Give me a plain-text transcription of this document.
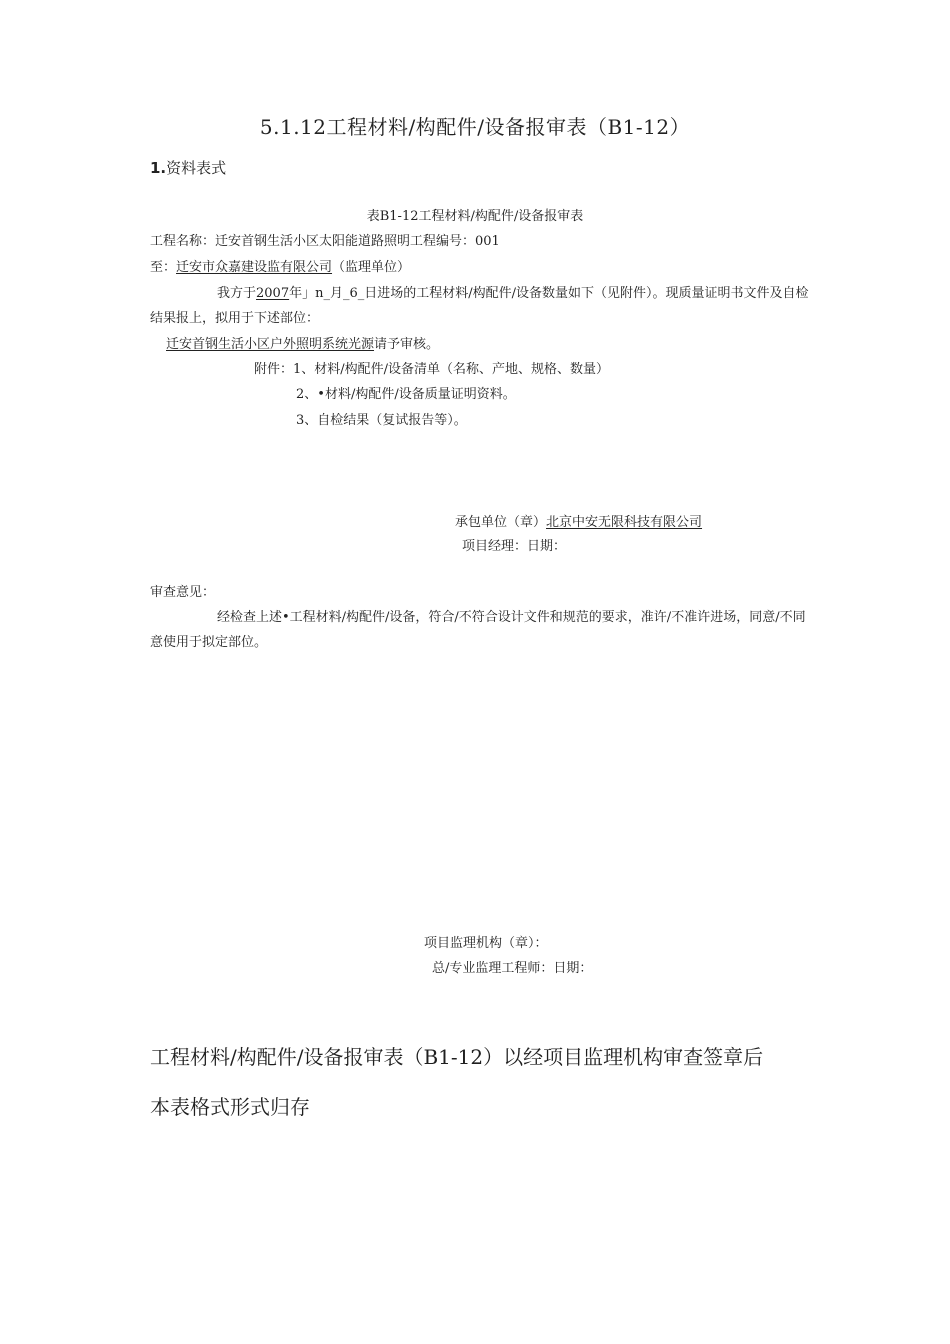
5.1.12工程材料/构配件/设备报审表（B1-12）
1.资料表式
表B1-12工程材料/构配件/设备报审表
工程名称：迁安首钢生活小区太阳能道路照明工程编号：001
至：迁安市众嘉建设监有限公司（监理单位）
我方于2007年」n_月_6_日进场的工程材料/构配件/设备数量如下（见附件）。现质量证明书文件及自检
结果报上，拟用于下述部位：
迁安首钢生活小区户外照明系统光源请予审核。
附件：1、材料/构配件/设备清单（名称、产地、规格、数量）
2、•材料/构配件/设备质量证明资料。
3、自检结果（复试报告等）。
承包单位（章）北京中安无限科技有限公司
项目经理：日期：
审查意见：
经检查上述•工程材料/构配件/设备，符合/不符合设计文件和规范的要求，准许/不准许进场，同意/不同
意使用于拟定部位。
项目监理机构（章）：
总/专业监理工程师：日期：
工程材料/构配件/设备报审表（B1-12）以经项目监理机构审查签章后
本表格式形式归存
